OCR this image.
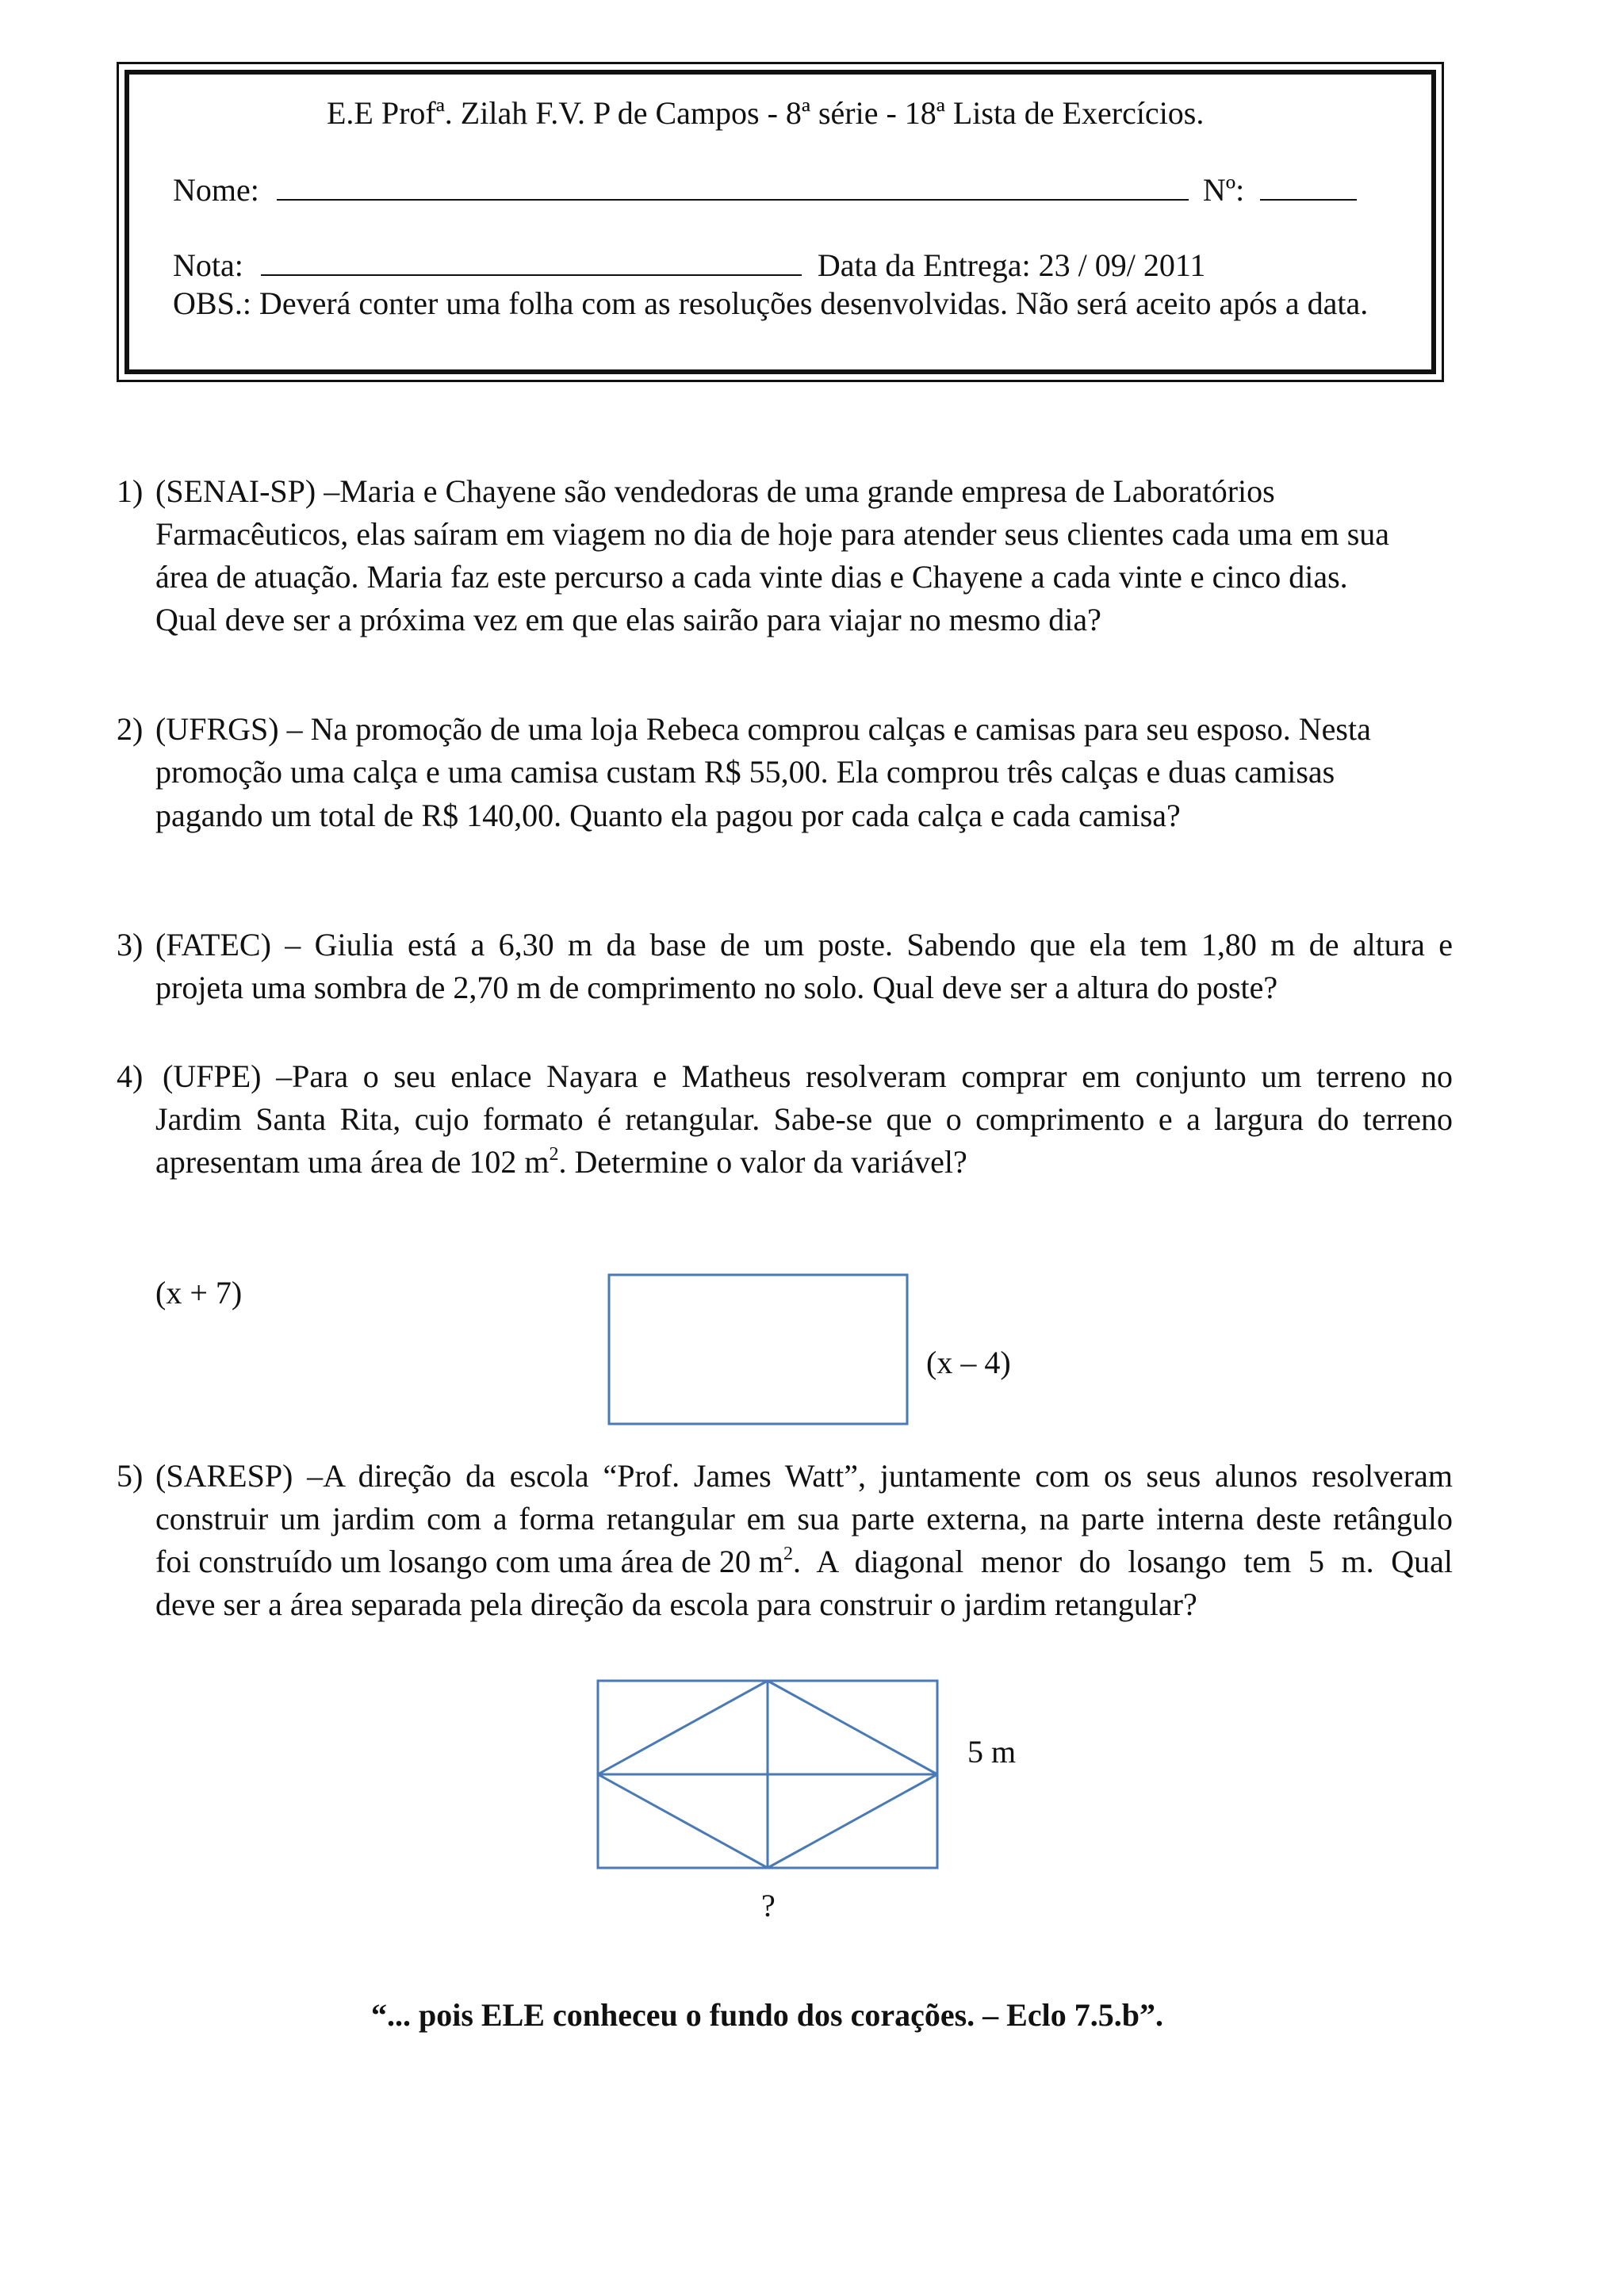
E.E Profª. Zilah F.V. P de Campos - 8ª série - 18ª Lista de Exercícios.
Nome:	Nº:
Nota:	Data da Entrega: 23 / 09/ 2011
OBS.: Deverá conter uma folha com as resoluções desenvolvidas. Não será aceito após a data.
1) (SENAI-SP) –Maria e Chayene são vendedoras de uma grande empresa de Laboratórios
Farmacêuticos, elas saíram em viagem no dia de hoje para atender seus clientes cada uma em sua
área de atuação. Maria faz este percurso a cada vinte dias e Chayene a cada vinte e cinco dias.
Qual deve ser a próxima vez em que elas sairão para viajar no mesmo dia?
2) (UFRGS) – Na promoção de uma loja Rebeca comprou calças e camisas para seu esposo. Nesta
promoção uma calça e uma camisa custam R$ 55,00. Ela comprou três calças e duas camisas
pagando um total de R$ 140,00. Quanto ela pagou por cada calça e cada camisa?
3) (FATEC) – Giulia está a 6,30 m da base de um poste. Sabendo que ela tem 1,80 m de altura e
projeta uma sombra de 2,70 m de comprimento no solo. Qual deve ser a altura do poste?
4) (UFPE) –Para o seu enlace Nayara e Matheus resolveram comprar em conjunto um terreno no
Jardim Santa Rita, cujo formato é retangular. Sabe-se que o comprimento e a largura do terreno
apresentam uma área de 102 $m^2$. Determine o valor da variável?
(x + 7)
(x – 4)
5) (SARESP) –A direção da escola “Prof. James Watt”, juntamente com os seus alunos resolveram
construir um jardim com a forma retangular em sua parte externa, na parte interna deste retângulo
foi construído um losango com uma área de 20 $m^2$ . A diagonal menor do losango tem 5 m. Qual
deve ser a área separada pela direção da escola para construir o jardim retangular?
5 m
?
“... pois ELE conheceu o fundo dos corações. – Eclo 7.5.b”.
